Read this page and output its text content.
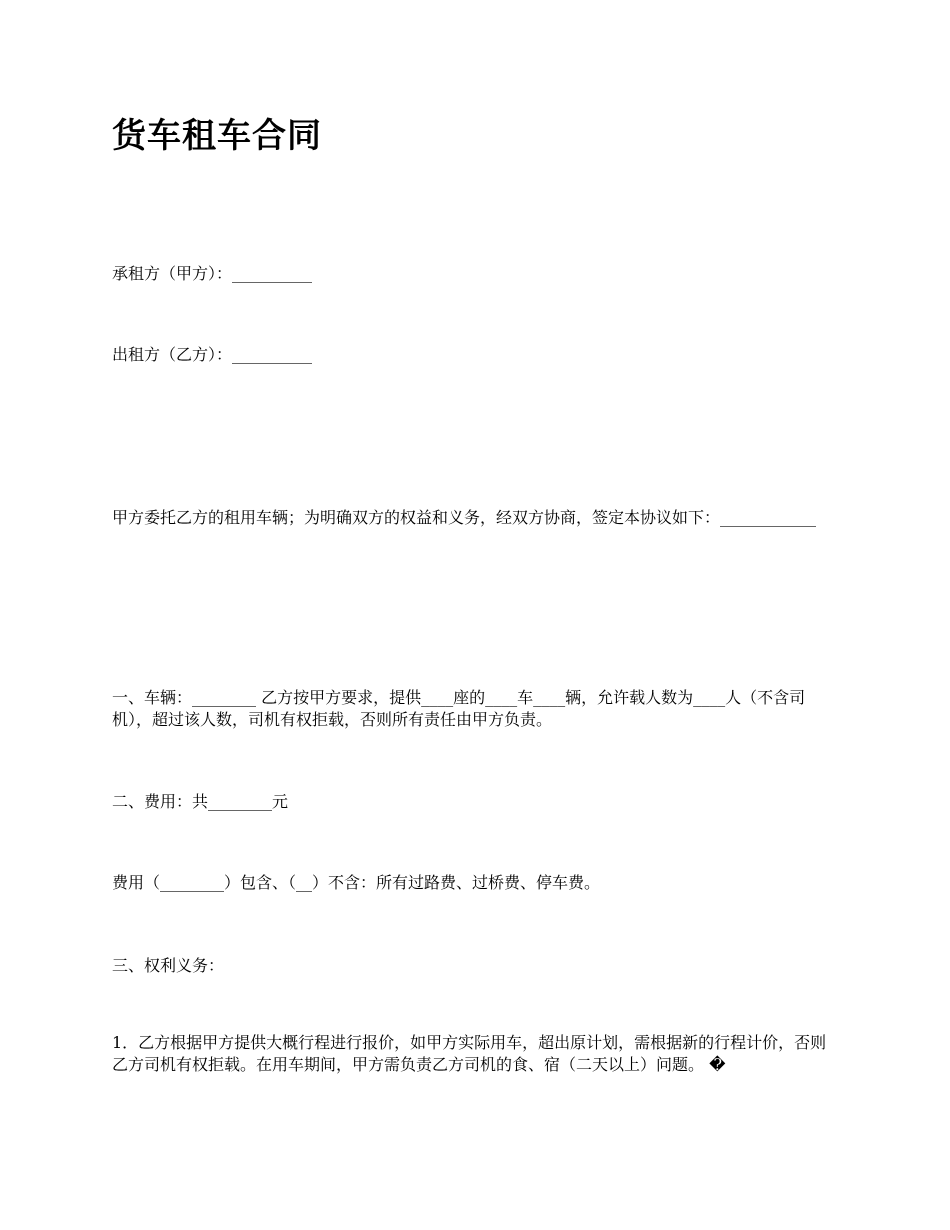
货车租车合同
承租方（甲方）：__________
出租方（乙方）：__________
甲方委托乙方的租用车辆；为明确双方的权益和义务，经双方协商，签定本协议如下：____________
一、车辆：________ 乙方按甲方要求，提供____座的____车____辆，允许载人数为____人（不含司机），超过该人数，司机有权拒载，否则所有责任由甲方负责。
二、费用：共________元
费用（________）包含、（__）不含：所有过路费、过桥费、停车费。
三、权利义务：
1．乙方根据甲方提供大概行程进行报价，如甲方实际用车，超出原计划，需根据新的行程计价，否则乙方司机有权拒载。在用车期间，甲方需负责乙方司机的食、宿（二天以上）问题。 �
